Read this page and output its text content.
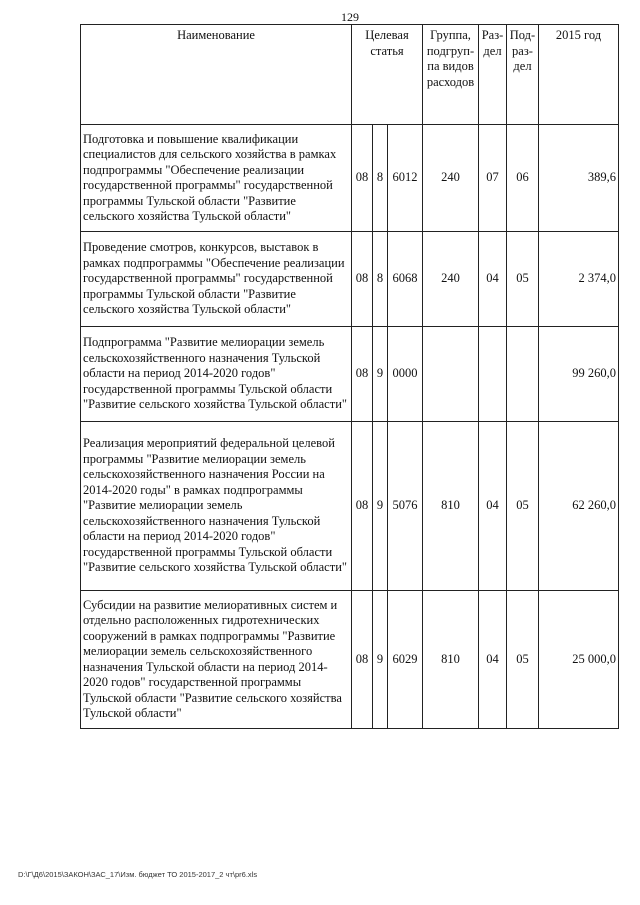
129
Наименование	Целевая статья			Группа, подгруп-па видов расходов	Раз-дел	Под-раз-дел	2015 год
Подготовка и повышение квалификации специалистов для сельского хозяйства в рамках подпрограммы "Обеспечение реализации государственной программы" государственной программы Тульской области "Развитие сельского хозяйства Тульской области"	08	8	6012	240	07	06	389,6
Проведение смотров, конкурсов, выставок в рамках подпрограммы "Обеспечение реализации государственной программы" государственной программы Тульской области "Развитие сельского хозяйства Тульской области"	08	8	6068	240	04	05	2 374,0
Подпрограмма "Развитие мелиорации земель сельскохозяйственного назначения Тульской области на период 2014-2020 годов" государственной программы Тульской области "Развитие сельского хозяйства Тульской области"	08	9	0000				99 260,0
Реализация мероприятий федеральной целевой программы "Развитие мелиорации земель сельскохозяйственного назначения России на 2014-2020 годы" в рамках подпрограммы "Развитие мелиорации земель сельскохозяйственного назначения Тульской области на период 2014-2020 годов" государственной программы Тульской области "Развитие сельского хозяйства Тульской области"	08	9	5076	810	04	05	62 260,0
Субсидии на развитие мелиоративных систем и отдельно расположенных гидротехнических сооружений в рамках подпрограммы "Развитие мелиорации земель сельскохозяйственного назначения Тульской области на период 2014-2020 годов" государственной программы Тульской области "Развитие сельского хозяйства Тульской области"	08	9	6029	810	04	05	25 000,0
D:\Г\Д6\2015\ЗАКОН\ЗАС_17\Изм. бюджет ТО 2015-2017_2 чт\pr6.xls
